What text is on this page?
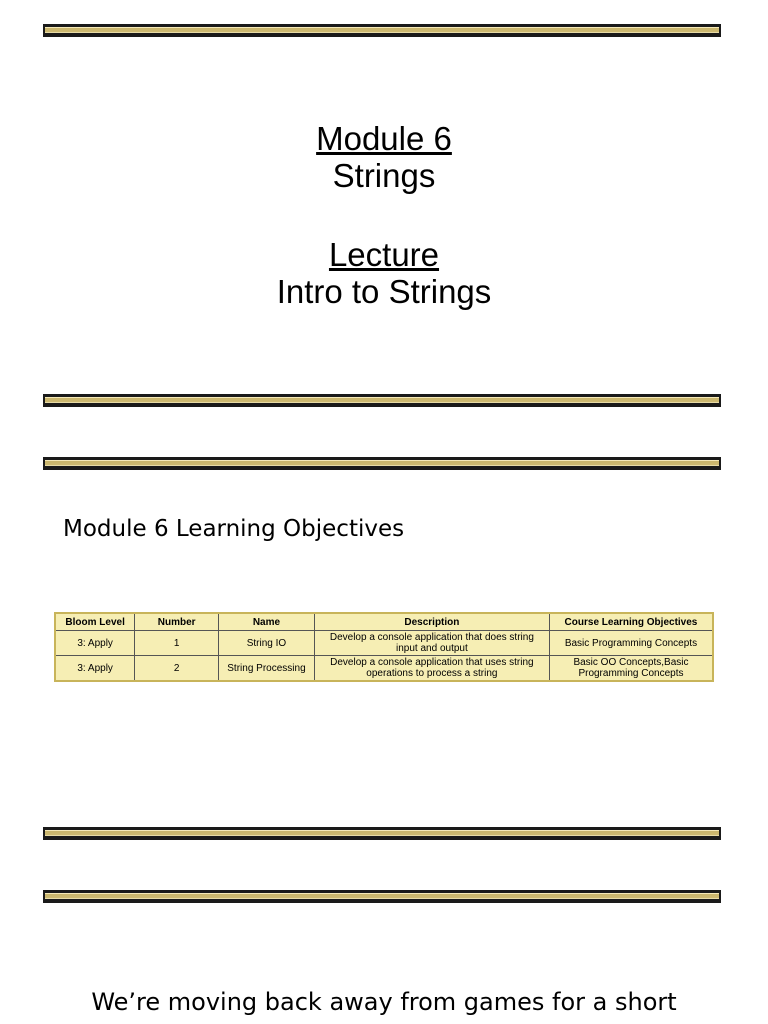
Module 6
Strings
Lecture
Intro to Strings
Module 6 Learning Objectives
Bloom Level	Number	Name	Description	Course Learning Objectives
3: Apply	1	String IO	Develop a console application that does string input and output	Basic Programming Concepts
3: Apply	2	String Processing	Develop a console application that uses string operations to process a string	Basic OO Concepts,Basic Programming Concepts
We’re moving back away from games for a short
